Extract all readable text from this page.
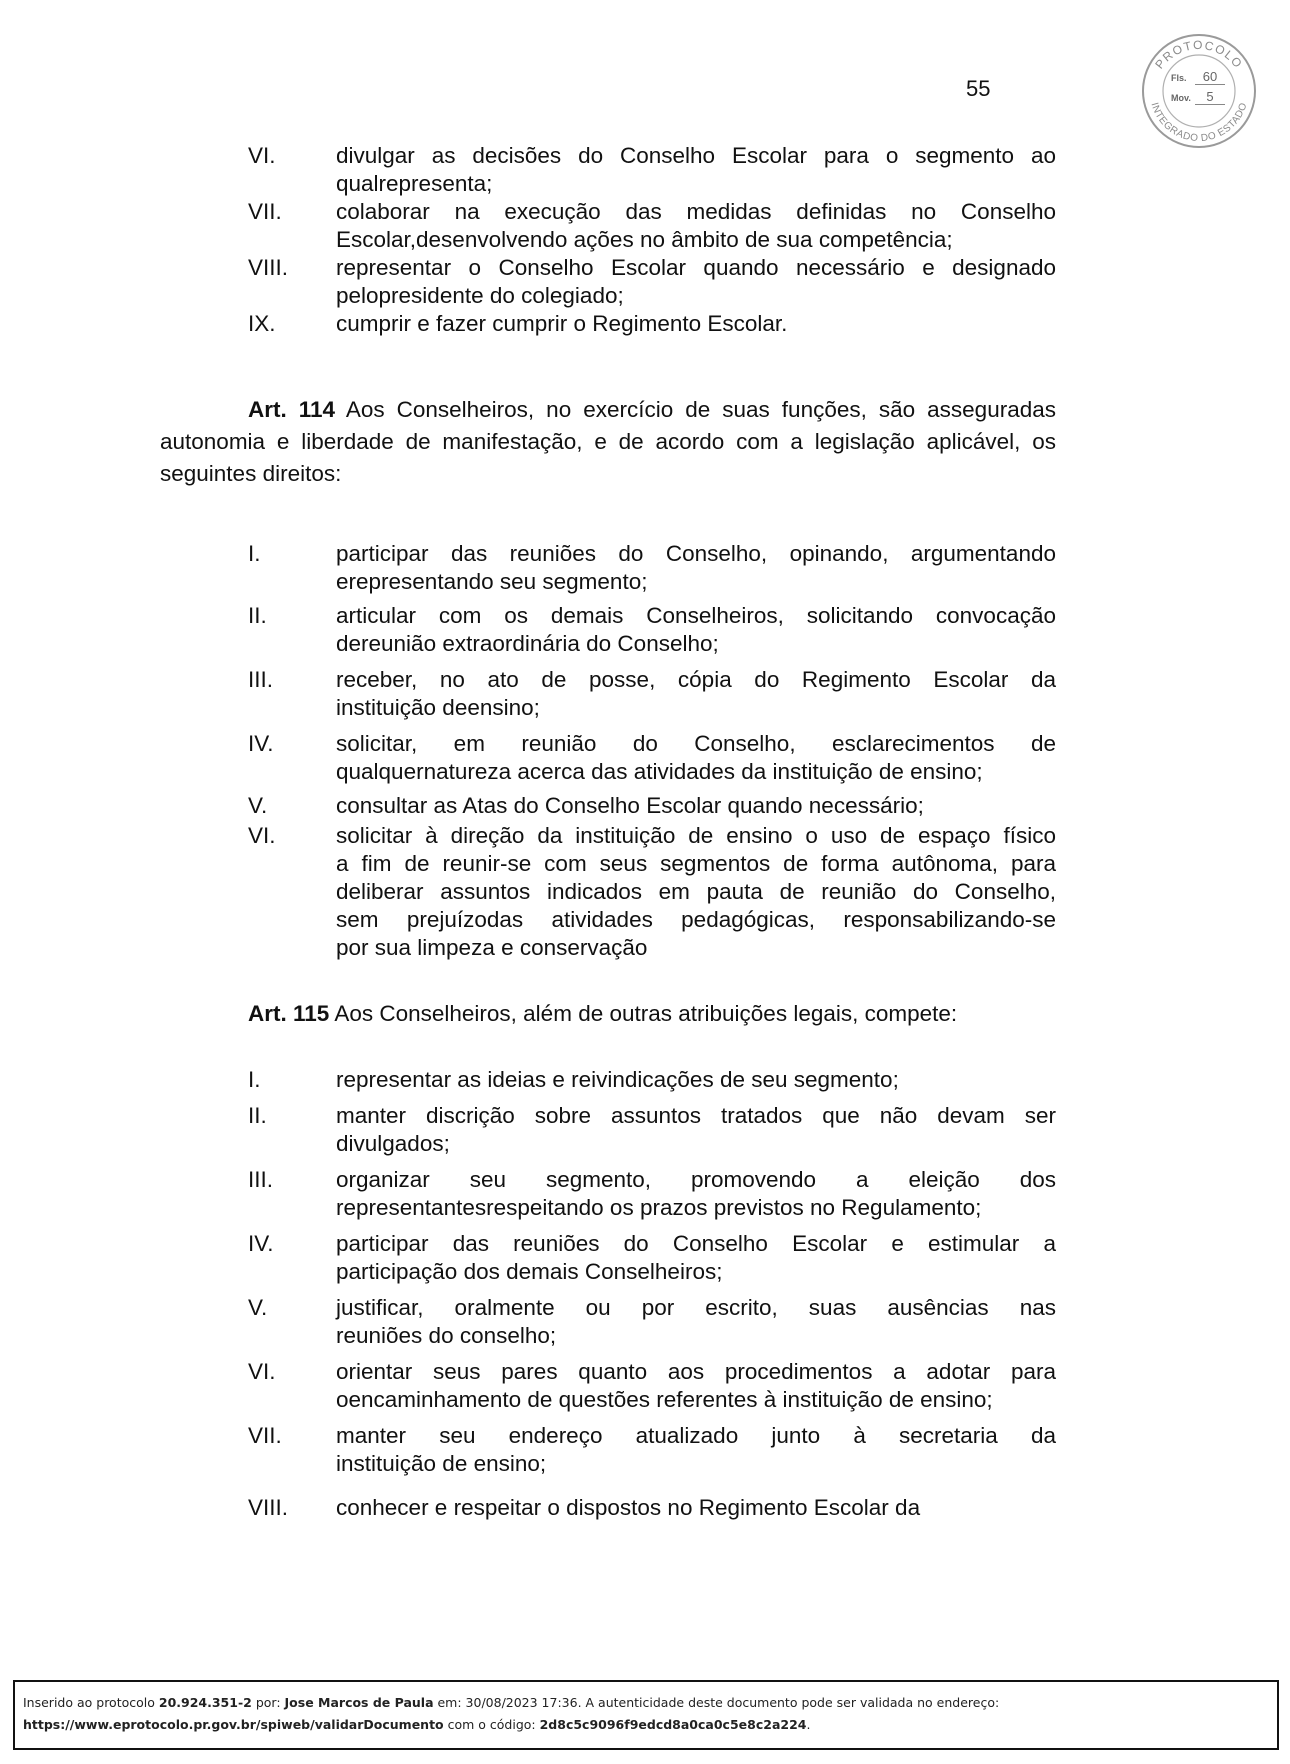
55
PROTOCOLO
INTEGRADO DO ESTADO
Fls.	60
Mov.	5
VI.	divulgar as decisões do Conselho Escolar para o segmento ao
qualrepresenta;
VII. colaborar na execução das medidas definidas no Conselho
Escolar,desenvolvendo ações no âmbito de sua competência;
VIII. representar o Conselho Escolar quando necessário e designado
pelopresidente do colegiado;
IX.	cumprir e fazer cumprir o Regimento Escolar.
Art. 114 Aos Conselheiros, no exercício de suas funções, são asseguradas autonomia e liberdade de manifestação, e de acordo com a legislação aplicável, os seguintes direitos:
I.	participar das reuniões do Conselho, opinando, argumentando
erepresentando seu segmento;
II.	articular com os demais Conselheiros, solicitando convocação
dereunião extraordinária do Conselho;
III.	receber, no ato de posse, cópia do Regimento Escolar da
instituição deensino;
IV.	solicitar, em reunião do Conselho, esclarecimentos de
qualquernatureza acerca das atividades da instituição de ensino;
V.	consultar as Atas do Conselho Escolar quando necessário;
VI.	solicitar à direção da instituição de ensino o uso de espaço físico
a fim de reunir-se com seus segmentos de forma autônoma, para
deliberar assuntos indicados em pauta de reunião do Conselho,
sem prejuízodas atividades pedagógicas, responsabilizando-se
por sua limpeza e conservação
Art. 115 Aos Conselheiros, além de outras atribuições legais, compete:
I.	representar as ideias e reivindicações de seu segmento;
II.	manter discrição sobre assuntos tratados que não devam ser
divulgados;
III.	organizar seu segmento, promovendo a eleição dos
representantesrespeitando os prazos previstos no Regulamento;
IV.	participar das reuniões do Conselho Escolar e estimular a
participação dos demais Conselheiros;
V.	justificar, oralmente ou por escrito, suas ausências nas
reuniões do conselho;
VI.	orientar seus pares quanto aos procedimentos a adotar para
oencaminhamento de questões referentes à instituição de ensino;
VII. manter seu endereço atualizado junto à secretaria da
instituição de ensino;
VIII. conhecer e respeitar o dispostos no Regimento Escolar da
Inserido ao protocolo 20.924.351-2 por: Jose Marcos de Paula em: 30/08/2023 17:36. A autenticidade deste documento pode ser validada no endereço:
https://www.eprotocolo.pr.gov.br/spiweb/validarDocumento com o código: 2d8c5c9096f9edcd8a0ca0c5e8c2a224.
